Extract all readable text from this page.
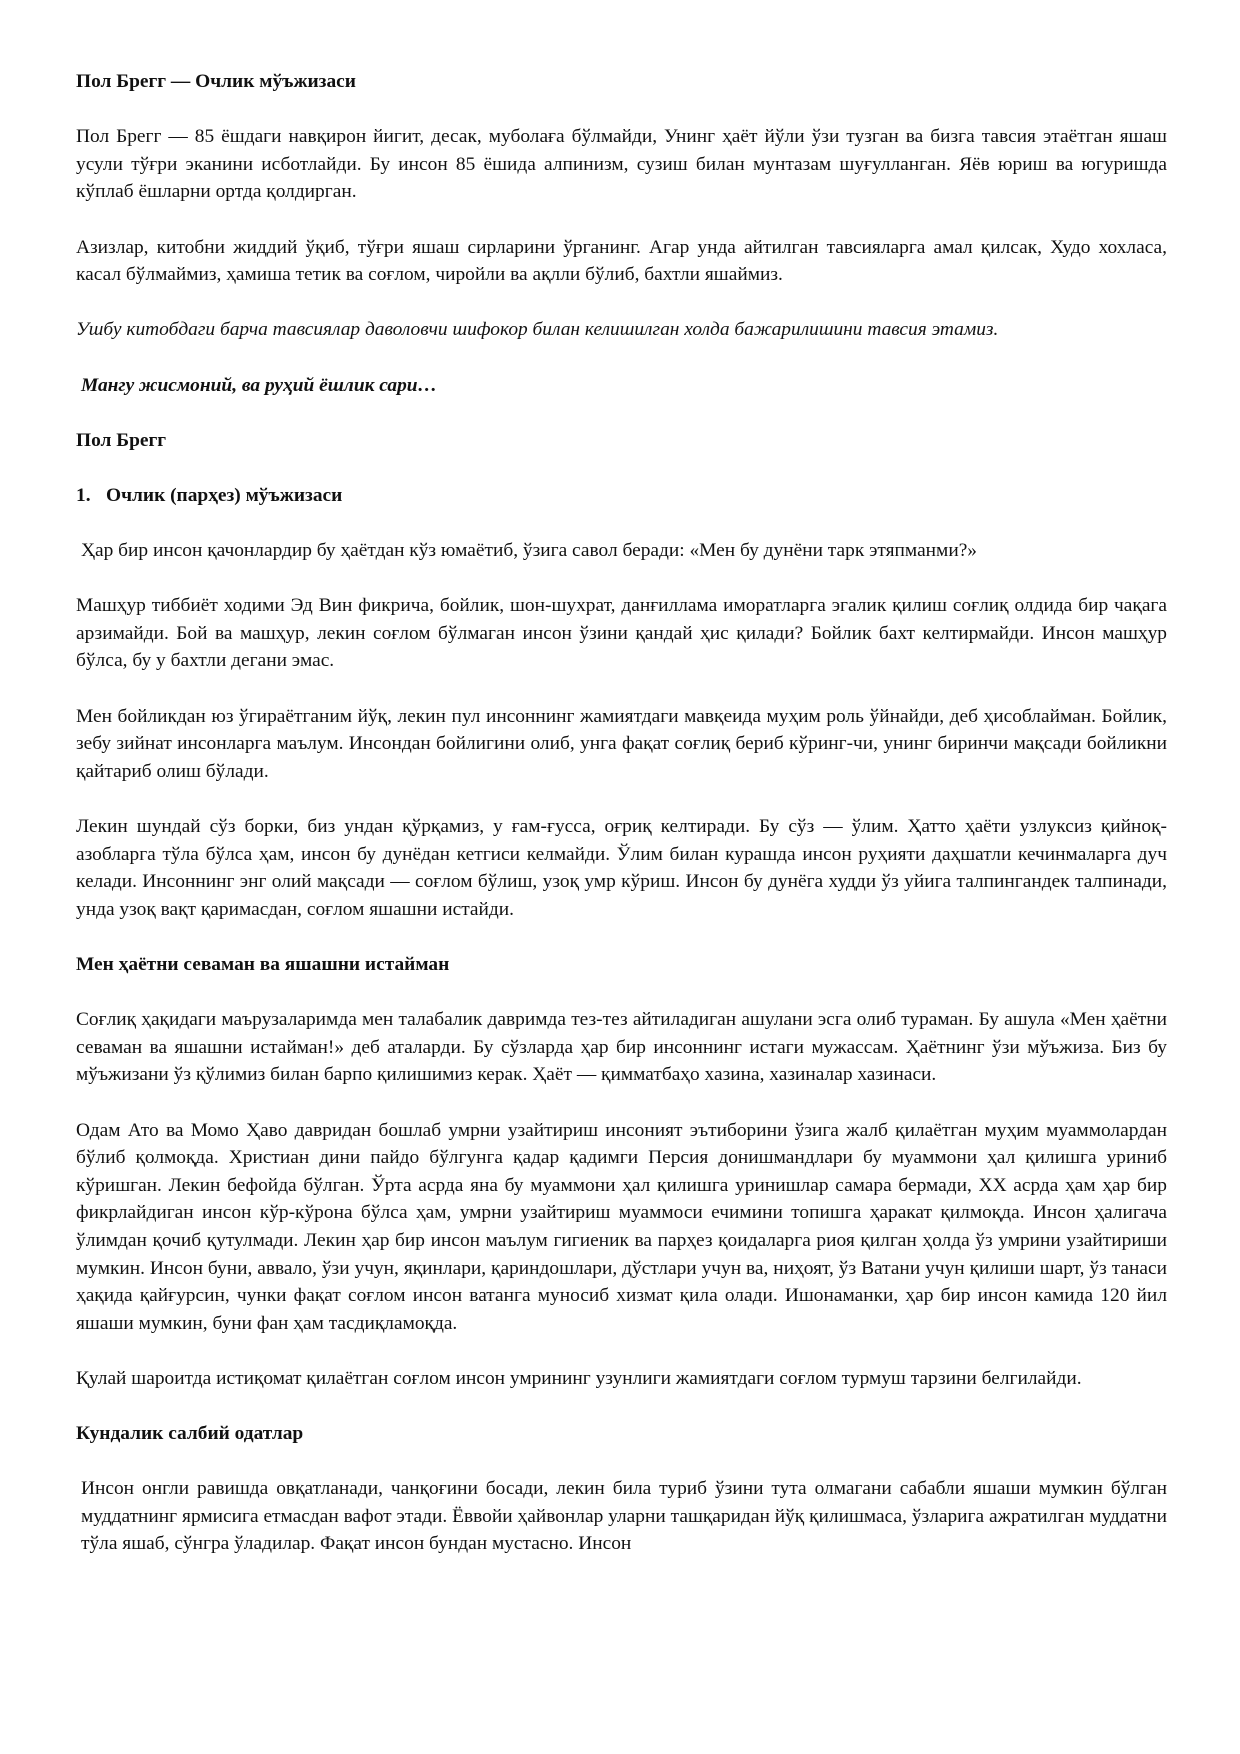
Пол Брегг — Очлик мўъжизаси

Пол Брегг — 85 ёшдаги навқирон йигит, десак, муболаға бўлмайди, Унинг ҳаёт йўли ўзи тузган ва бизга тавсия этаётган яшаш усули тўғри эканини исботлайди. Бу инсон 85 ёшида алпинизм, сузиш билан мунтазам шуғулланган. Яёв юриш ва югуришда кўплаб ёшларни ортда қолдирган.

Азизлар, китобни жиддий ўқиб, тўғри яшаш сирларини ўрганинг. Агар унда айтилган тавсияларга амал қилсак, Худо хохласа, касал бўлмаймиз, ҳамиша тетик ва соғлом, чиройли ва ақлли бўлиб, бахтли яшаймиз.

Ушбу китобдаги барча тавсиялар даволовчи шифокор билан келишилган холда бажарилишини тавсия этамиз.

Мангу жисмоний, ва руҳий ёшлик сари…

Пол Брегг

1. Очлик (парҳез) мўъжизаси

Ҳар бир инсон қачонлардир бу ҳаётдан кўз юмаётиб, ўзига савол беради: «Мен бу дунёни тарк этяпманми?»

Машҳур тиббиёт ходими Эд Вин фикрича, бойлик, шон-шухрат, данғиллама иморатларга эгалик қилиш соғлиқ олдида бир чақага арзимайди. Бой ва машҳур, лекин соғлом бўлмаган инсон ўзини қандай ҳис қилади? Бойлик бахт келтирмайди. Инсон машҳур бўлса, бу у бахтли дегани эмас.

Мен бойликдан юз ўгираётганим йўқ, лекин пул инсоннинг жамиятдаги мавқеида муҳим роль ўйнайди, деб ҳисоблайман. Бойлик, зебу зийнат инсонларга маълум. Инсондан бойлигини олиб, унга фақат соғлиқ бериб кўринг-чи, унинг биринчи мақсади бойликни қайтариб олиш бўлади.

Лекин шундай сўз борки, биз ундан қўрқамиз, у ғам-ғусса, оғриқ келтиради. Бу сўз — ўлим. Ҳатто ҳаёти узлуксиз қийноқ-азобларга тўла бўлса ҳам, инсон бу дунёдан кетгиси келмайди. Ўлим билан курашда инсон руҳияти даҳшатли кечинмаларга дуч келади. Инсоннинг энг олий мақсади — соғлом бўлиш, узоқ умр кўриш. Инсон бу дунёга худди ўз уйига талпингандек талпинади, унда узоқ вақт қаримасдан, соғлом яшашни истайди.

Мен ҳаётни севаман ва яшашни истайман

Соғлиқ ҳақидаги маърузаларимда мен талабалик давримда тез-тез айтиладиган ашулани эсга олиб тураман. Бу ашула «Мен ҳаётни севаман ва яшашни истайман!» деб аталарди. Бу сўзларда ҳар бир инсоннинг истаги мужассам. Ҳаётнинг ўзи мўъжиза. Биз бу мўъжизани ўз қўлимиз билан барпо қилишимиз керак. Ҳаёт — қимматбаҳо хазина, хазиналар хазинаси.

Одам Ато ва Момо Ҳаво давридан бошлаб умрни узайтириш инсоният эътиборини ўзига жалб қилаётган муҳим муаммолардан бўлиб қолмоқда. Христиан дини пайдо бўлгунга қадар қадимги Персия донишмандлари бу муаммони ҳал қилишга уриниб кўришган. Лекин бефойда бўлган. Ўрта асрда яна бу муаммони ҳал қилишга уринишлар самара бермади, XX асрда ҳам ҳар бир фикрлайдиган инсон кўр-кўрона бўлса ҳам, умрни узайтириш муаммоси ечимини топишга ҳаракат қилмоқда. Инсон ҳалигача ўлимдан қочиб қутулмади. Лекин ҳар бир инсон маълум гигиеник ва парҳез қоидаларга риоя қилган ҳолда ўз умрини узайтириши мумкин. Инсон буни, аввало, ўзи учун, яқинлари, қариндошлари, дўстлари учун ва, ниҳоят, ўз Ватани учун қилиши шарт, ўз танаси ҳақида қайғурсин, чунки фақат соғлом инсон ватанга муносиб хизмат қила олади. Ишонаманки, ҳар бир инсон камида 120 йил яшаши мумкин, буни фан ҳам тасдиқламоқда.

Қулай шароитда истиқомат қилаётган соғлом инсон умрининг узунлиги жамиятдаги соғлом турмуш тарзини белгилайди.

Кундалик салбий одатлар

Инсон онгли равишда овқатланади, чанқоғини босади, лекин била туриб ўзини тута олмагани сабабли яшаши мумкин бўлган муддатнинг ярмисига етмасдан вафот этади. Ёввойи ҳайвонлар уларни ташқаридан йўқ қилишмаса, ўзларига ажратилган муддатни тўла яшаб, сўнгра ўладилар. Фақат инсон бундан мустасно. Инсон
